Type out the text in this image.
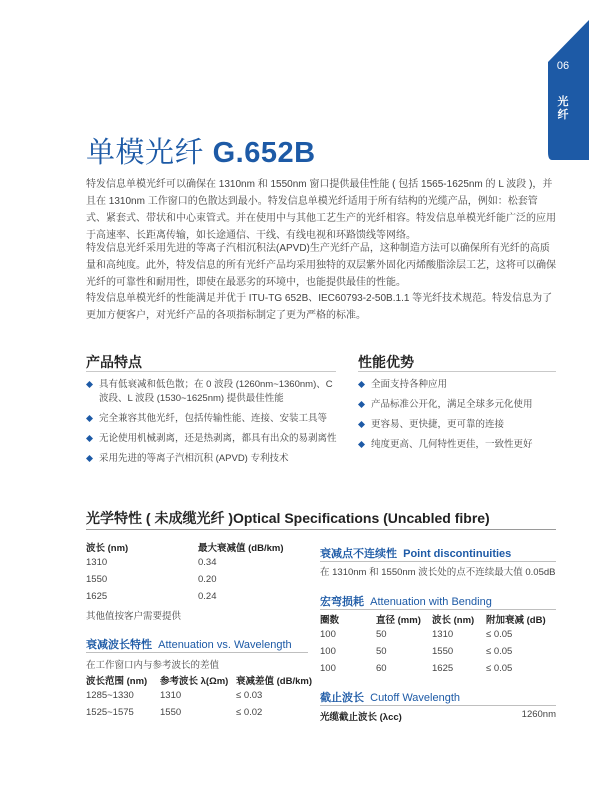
06
光纤
单模光纤 G.652B

特发信息单模光纤可以确保在 1310nm 和 1550nm 窗口提供最佳性能 ( 包括 1565-1625nm 的 L 波段 )，并且在 1310nm 工作窗口的色散达到最小。特发信息单模光纤适用于所有结构的光缆产品，例如：松套管式、紧套式、带状和中心束管式。并在使用中与其他工艺生产的光纤相容。特发信息单模光纤能广泛的应用于高速率、长距离传输，如长途通信、干线、有线电视和环路馈线等网络。

特发信息光纤采用先进的等离子汽相沉积法(APVD)生产光纤产品，这种制造方法可以确保所有光纤的高质量和高纯度。此外，特发信息的所有光纤产品均采用独特的双层紫外固化丙烯酸脂涂层工艺，这将可以确保光纤的可靠性和耐用性，即使在最恶劣的环境中，也能提供最佳的性能。

特发信息单模光纤的性能满足并优于 ITU-TG 652B、IEC60793-2-50B.1.1 等光纤技术规范。特发信息为了更加方便客户，对光纤产品的各项指标制定了更为严格的标准。

产品特点
具有低衰减和低色散；在 0 波段 (1260nm~1360nm)、C 波段、L 波段 (1530~1625nm) 提供最佳性能
完全兼容其他光纤，包括传输性能、连接、安装工具等
无论使用机械剥离，还是热剥离，都具有出众的易剥离性
采用先进的等离子汽相沉积 (APVD) 专利技术
性能优势
全面支持各种应用
产品标准公开化，满足全球多元化使用
更容易、更快捷，更可靠的连接
纯度更高、几何特性更佳，一致性更好
光学特性 ( 未成缆光纤 )Optical Specifications (Uncabled fibre)
波长 (nm)	最大衰减值 (dB/km)
1310	0.34
1550	0.20
1625	0.24
其他值按客户需要提供
衰减波长特性 Attenuation vs. Wavelength
在工作窗口内与参考波长的差值
波长范围 (nm) 参考波长 λ(Ωm) 衰减差值 (dB/km)
1285~1330	1310	≤ 0.03
1525~1575	1550	≤ 0.02
衰减点不连续性 Point discontinuities
在 1310nm 和 1550nm 波长处的点不连续最大值 0.05dB
宏弯损耗 Attenuation with Bending
圈数	直径 (mm) 波长 (nm) 附加衰减 (dB)
100	50	1310	≤ 0.05
100	50	1550	≤ 0.05
100	60	1625	≤ 0.05
截止波长 Cutoff Wavelength
光缆截止波长 (λcc)	1260nm
